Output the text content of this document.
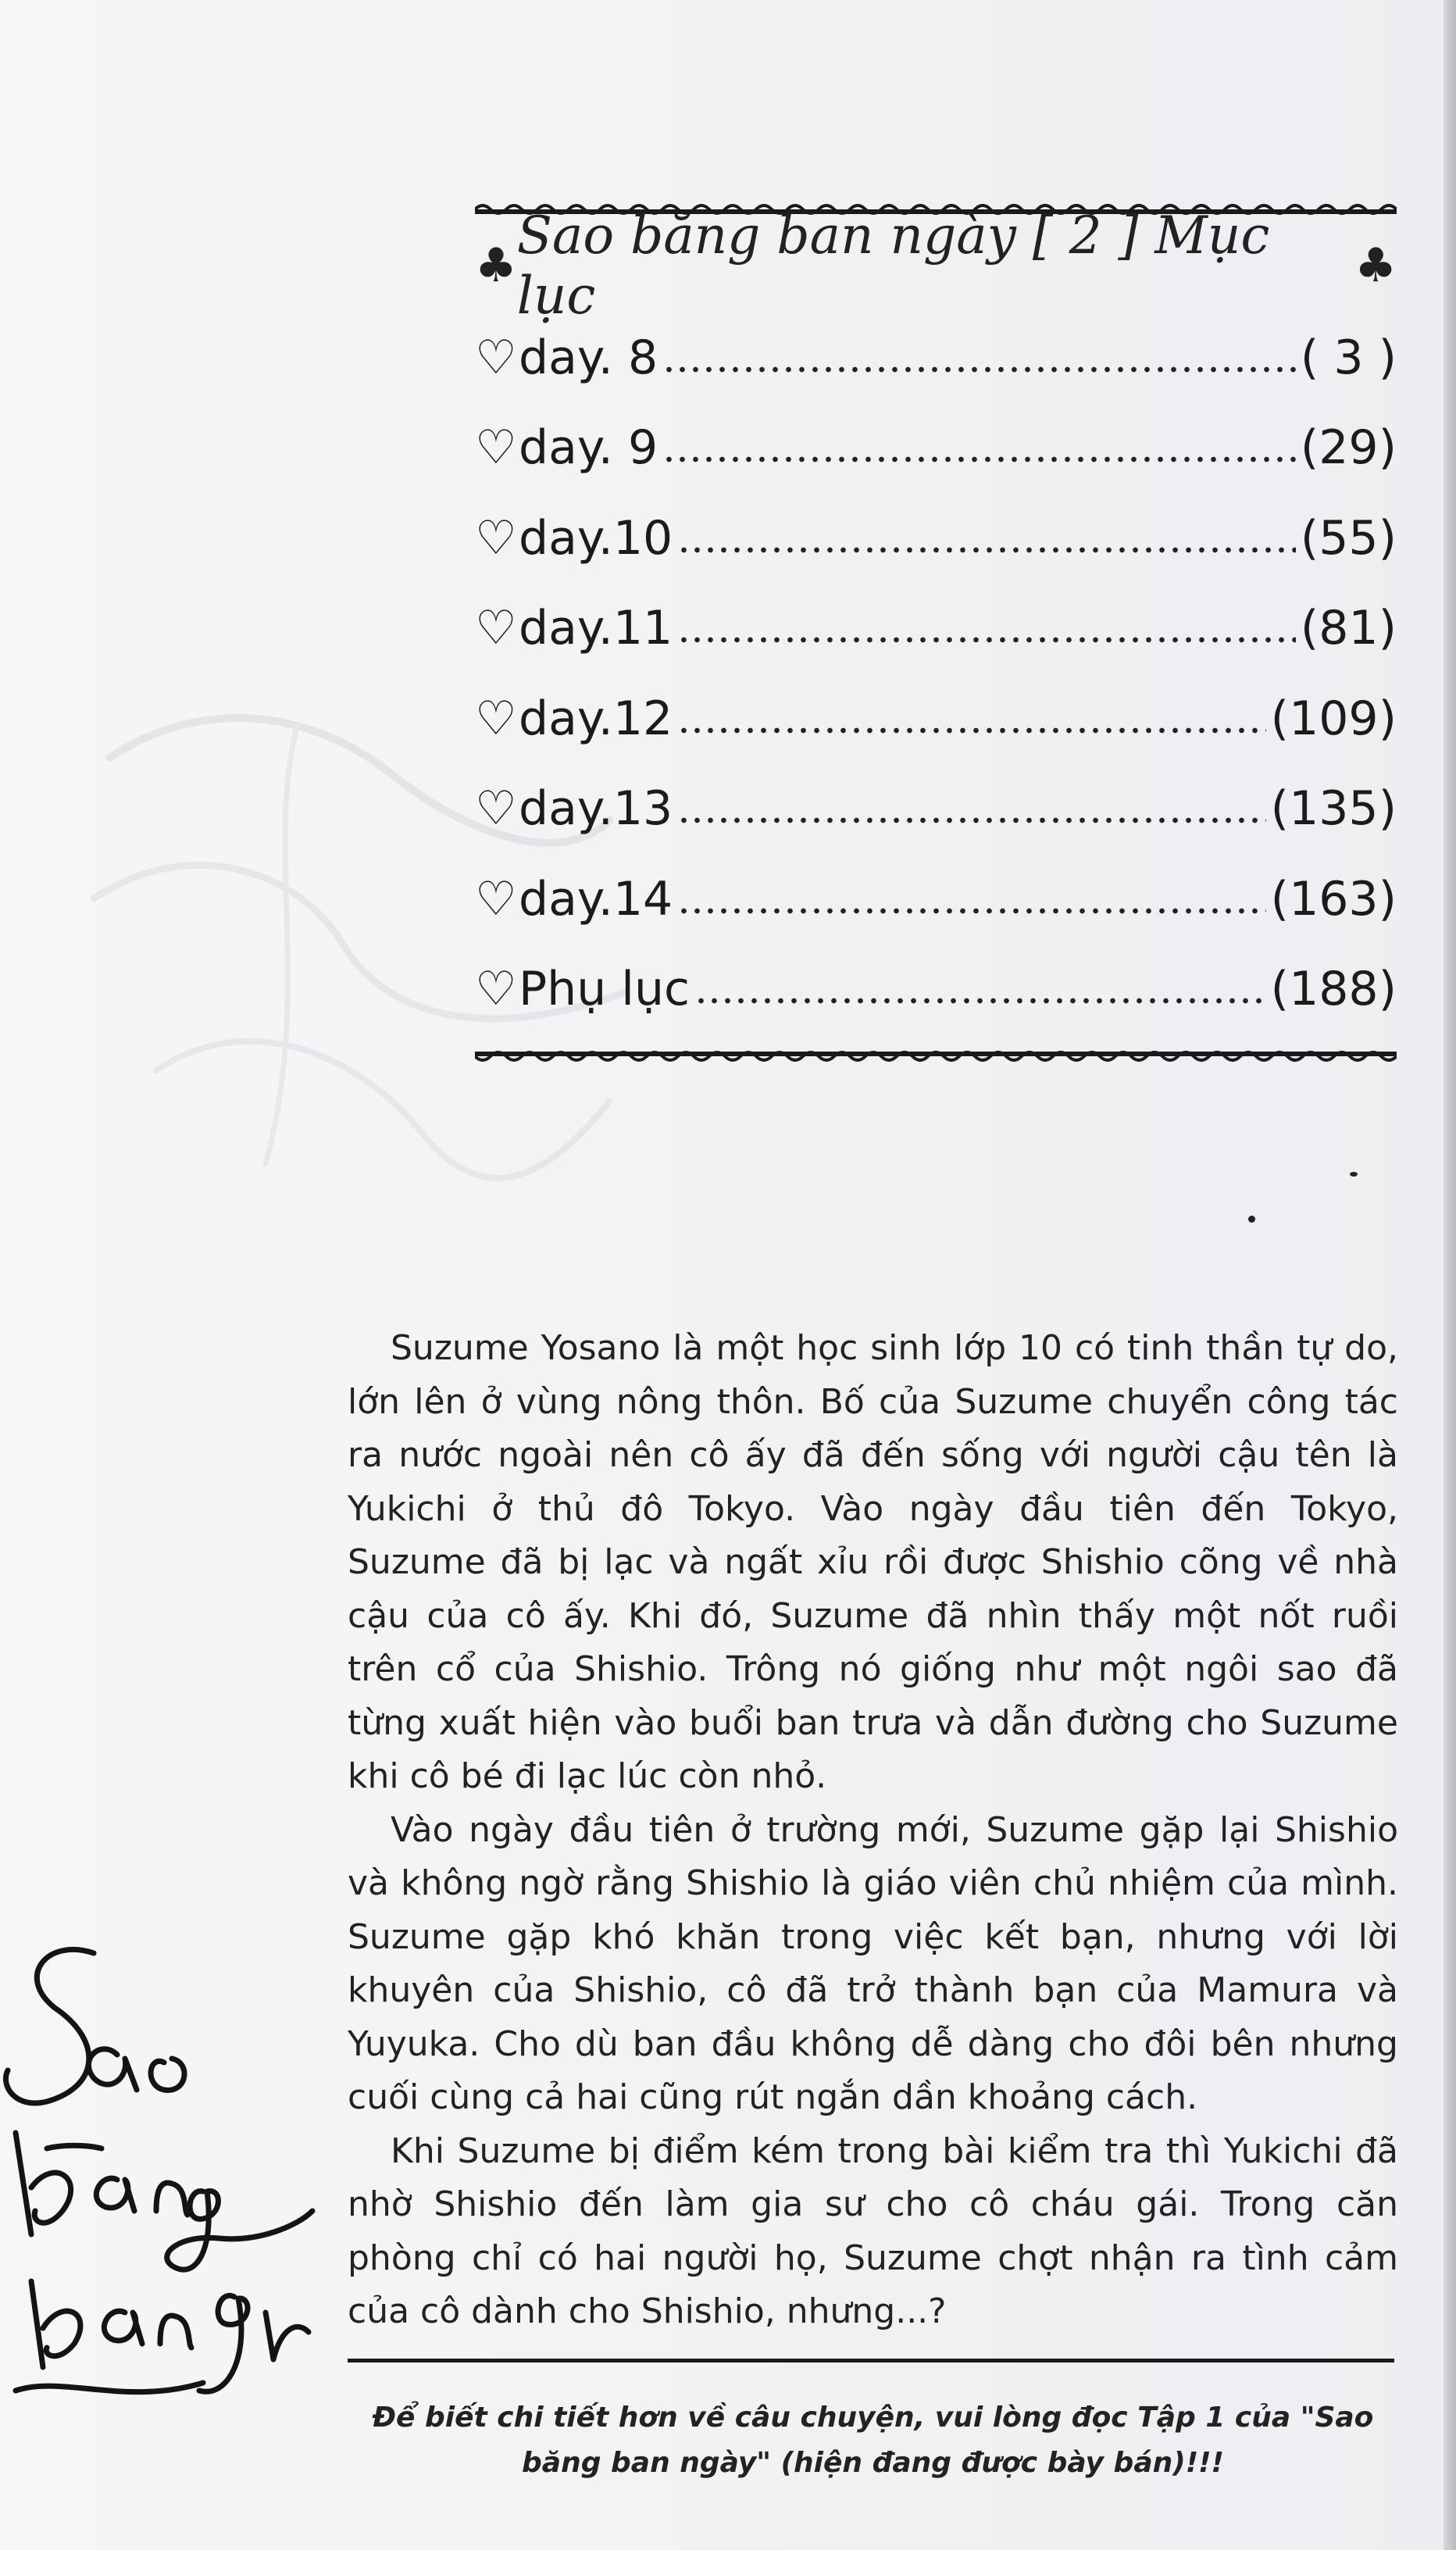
♣ Sao băng ban ngày [ 2 ] Mục lục	♣
♡ day. 8	( 3 )
♡ day. 9	(29)
♡ day.10	(55)
♡ day.11	(81)
♡ day.12	(109)
♡ day.13	(135)
♡ day.14	(163)
♡ Phụ lục	(188)

Suzume Yosano là một học sinh lớp 10 có tinh thần tự do, lớn lên ở vùng nông thôn. Bố của Suzume chuyển công tác ra nước ngoài nên cô ấy đã đến sống với người cậu tên là Yukichi ở thủ đô Tokyo. Vào ngày đầu tiên đến Tokyo, Suzume đã bị lạc và ngất xỉu rồi được Shishio cõng về nhà cậu của cô ấy. Khi đó, Suzume đã nhìn thấy một nốt ruồi trên cổ của Shishio. Trông nó giống như một ngôi sao đã từng xuất hiện vào buổi ban trưa và dẫn đường cho Suzume khi cô bé đi lạc lúc còn nhỏ.

Vào ngày đầu tiên ở trường mới, Suzume gặp lại Shishio và không ngờ rằng Shishio là giáo viên chủ nhiệm của mình. Suzume gặp khó khăn trong việc kết bạn, nhưng với lời khuyên của Shishio, cô đã trở thành bạn của Mamura và Yuyuka. Cho dù ban đầu không dễ dàng cho đôi bên nhưng cuối cùng cả hai cũng rút ngắn dần khoảng cách.

Khi Suzume bị điểm kém trong bài kiểm tra thì Yukichi đã nhờ Shishio đến làm gia sư cho cô cháu gái. Trong căn phòng chỉ có hai người họ, Suzume chợt nhận ra tình cảm của cô dành cho Shishio, nhưng...?

Để biết chi tiết hơn về câu chuyện, vui lòng đọc Tập 1 của "Sao băng ban ngày" (hiện đang được bày bán)!!!
